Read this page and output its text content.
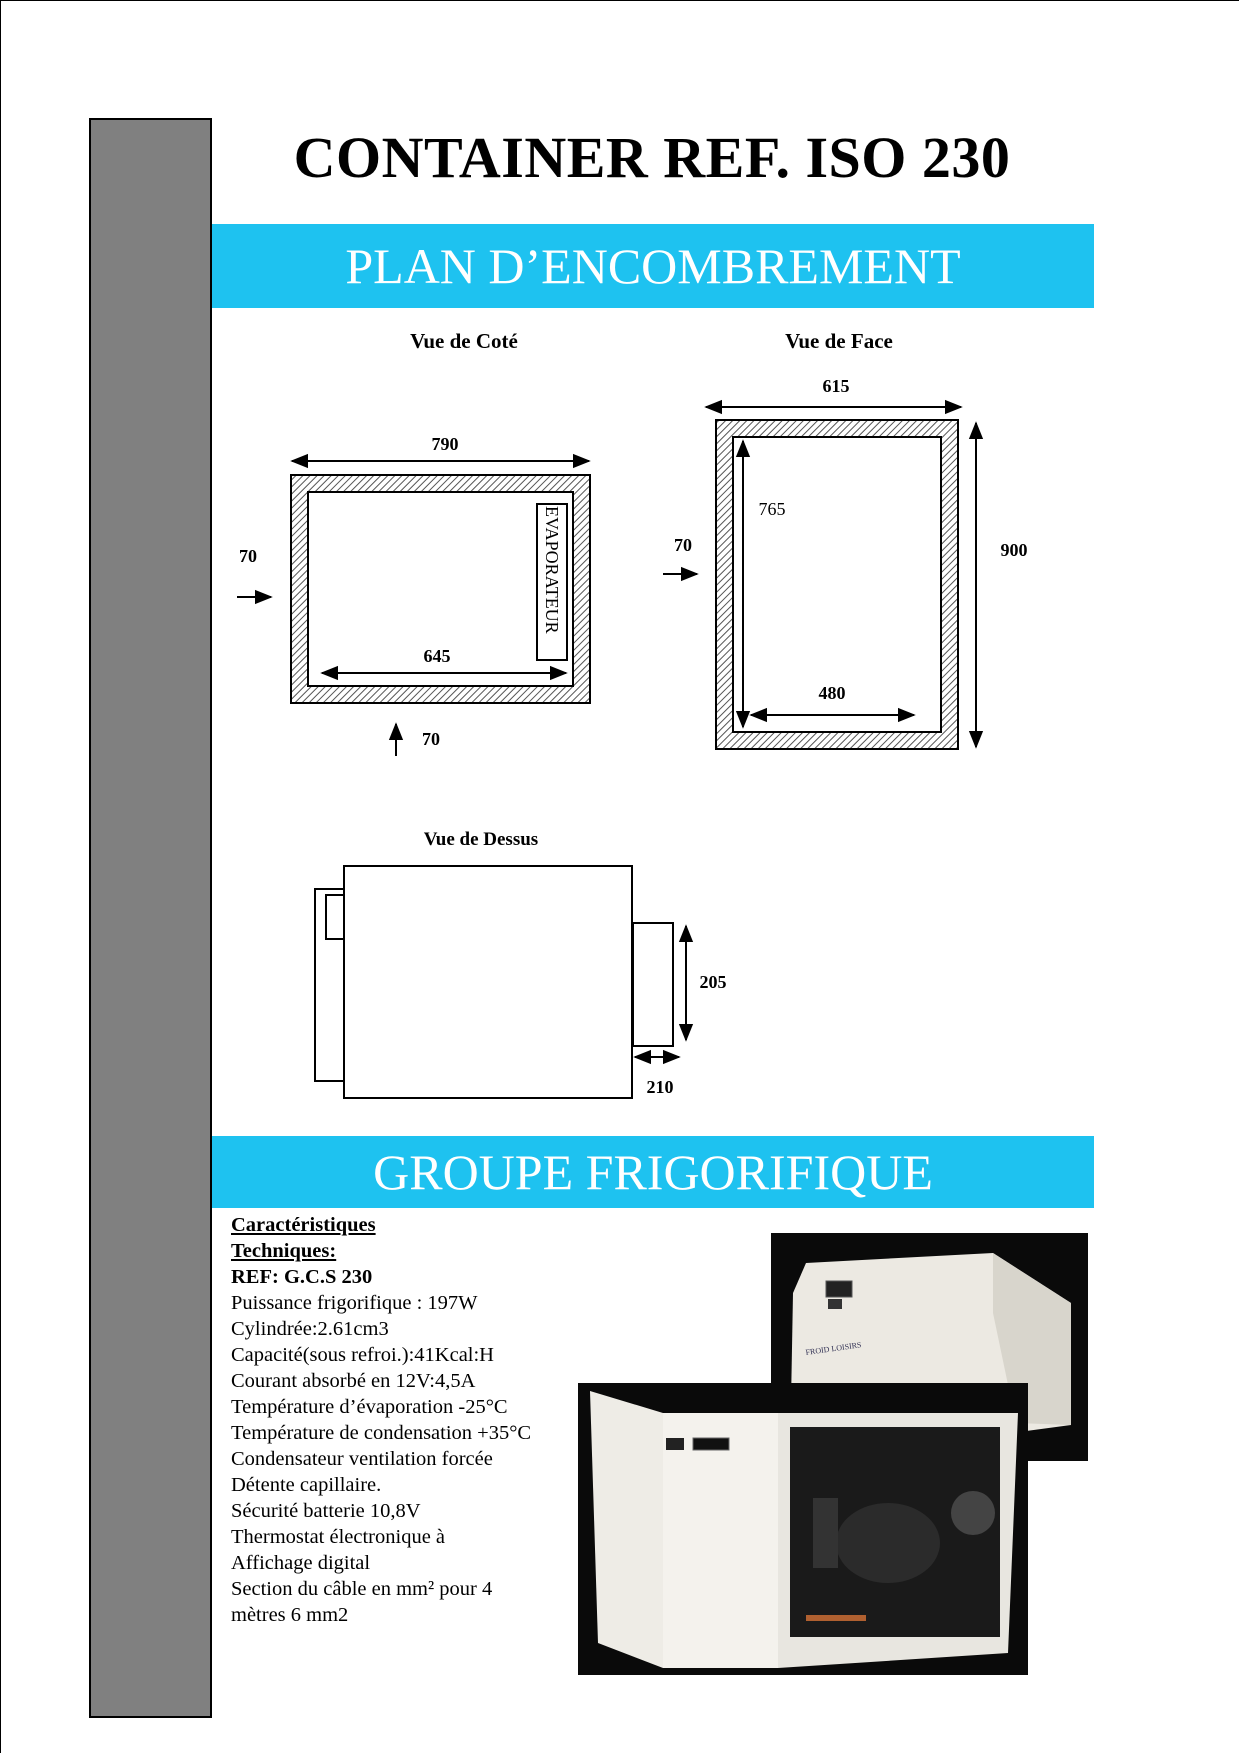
CONTAINER REF. ISO 230
PLAN D’ENCOMBREMENT
Vue de Coté
EVAPORATEUR
790
645
70
70
Vue de Face
615
765
480
900
70
Vue de Dessus
205
210
GROUPE FRIGORIFIQUE
Caractéristiques
Techniques:
REF: G.C.S 230
Puissance frigorifique : 197W
Cylindrée:2.61cm3
Capacité(sous refroi.):41Kcal:H
Courant absorbé en 12V:4,5A
Température d’évaporation -25°C
Température de condensation +35°C
Condensateur ventilation forcée
Détente capillaire.
Sécurité batterie 10,8V
Thermostat électronique à
Affichage digital
Section du câble en mm² pour 4
mètres 6 mm2
FROID LOISIRS
